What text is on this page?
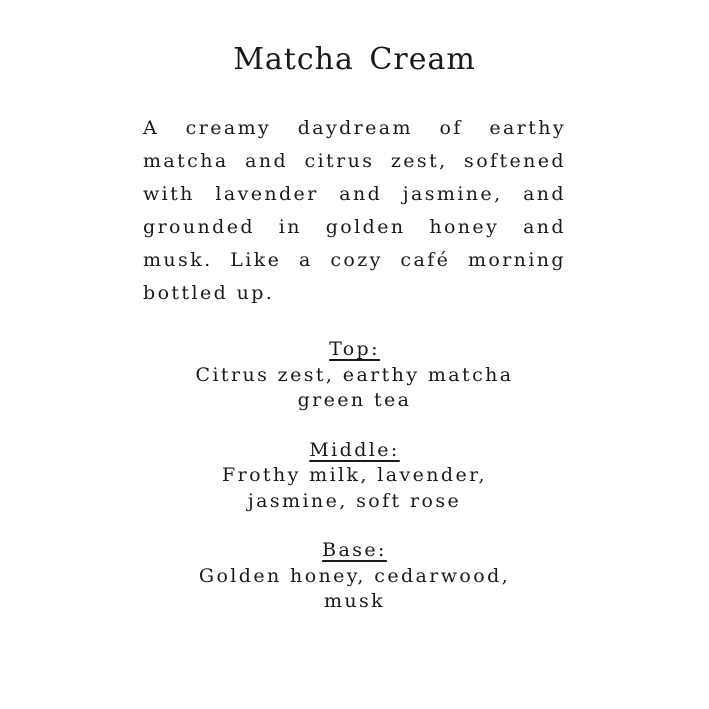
Matcha Cream
A creamy daydream of earthy
matcha and citrus zest, softened
with lavender and jasmine, and
grounded in golden honey and
musk. Like a cozy café morning
bottled up.
Top:
Citrus zest, earthy matcha
green tea
Middle:
Frothy milk, lavender,
jasmine, soft rose
Base:
Golden honey, cedarwood,
musk
